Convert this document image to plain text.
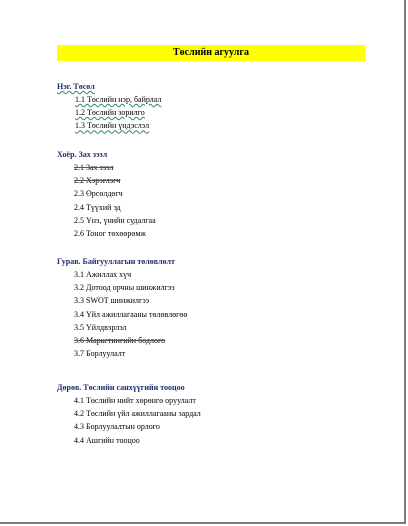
Төслийн агуулга
Нэг. Төсөл
1.1 Төслийн нэр, байрлал
1.2 Төслийн зорилго
1.3 Төслийн үндэслэл
Хоёр. Зах зээл
2.1 Зах зээл
2.2 Хэрэглэгч
2.3 Өрсөлдөгч
2.4 Түүхий эд
2.5 Үнэ, үнийн судалгаа
2.6 Тоног төхөөрөмж
Гурав. Байгууллагын төлөвлөлт
3.1 Ажиллах хүч
3.2 Дотоод орчны шинжилгээ
3.3 SWOT шинжилгээ
3.4 Үйл ажиллагааны төлөвлөгөө
3.5 Үйлдвэрлэл
3.6 Маркетингийн бодлого
3.7 Борлуулалт
Дөрөв. Төслийн санхүүгийн тооцоо
4.1 Төслийн нийт хөрөнгө оруулалт
4.2 Төслийн үйл ажиллагааны зардал
4.3 Борлуулалтын орлого
4.4 Ашгийн тооцоо
